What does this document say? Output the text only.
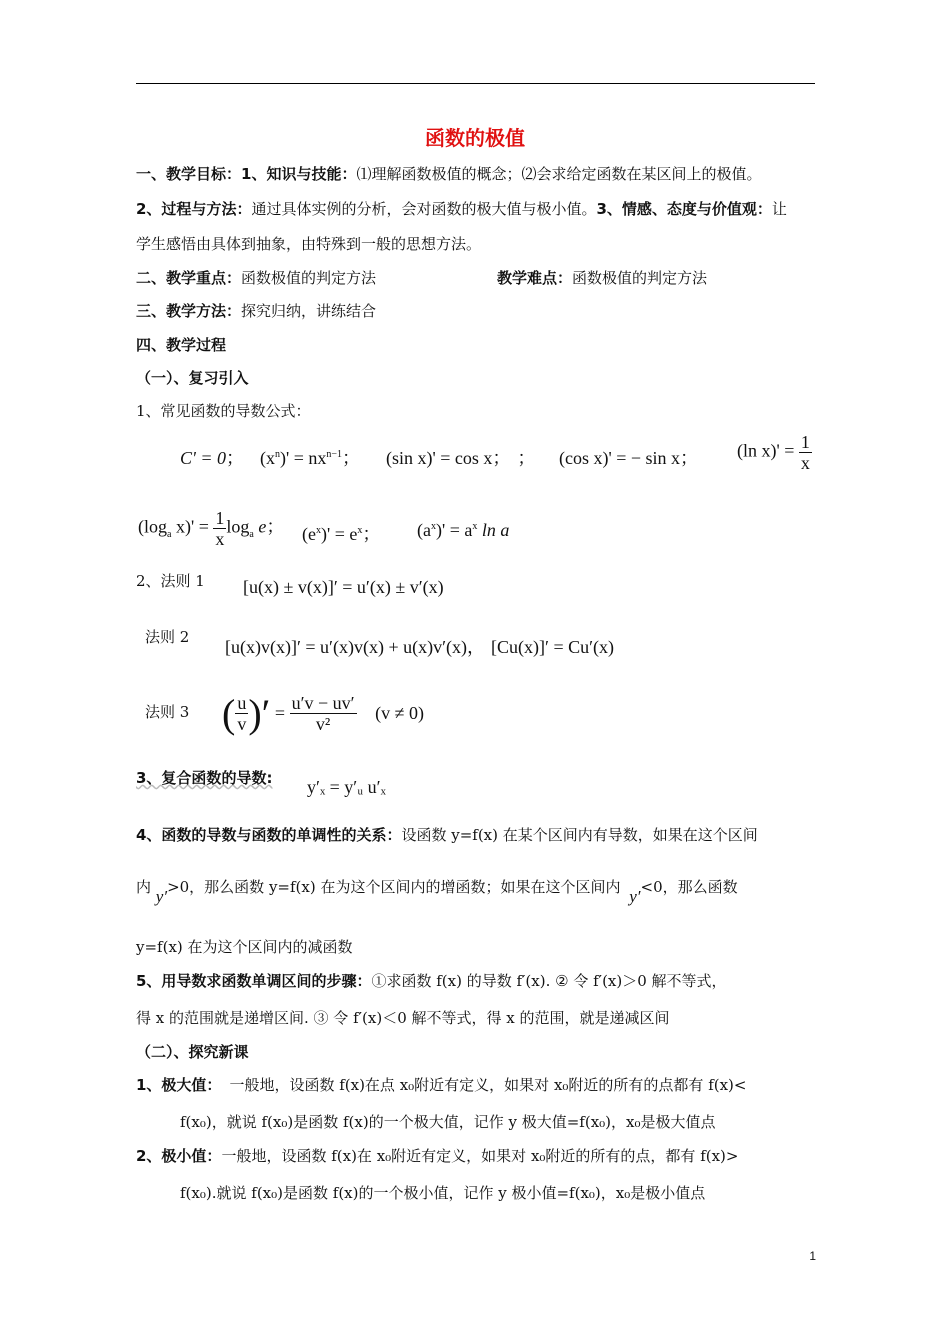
函数的极值
一、教学目标：1、知识与技能：⑴理解函数极值的概念；⑵会求给定函数在某区间上的极值。
2、过程与方法：通过具体实例的分析，会对函数的极大值与极小值。3、情感、态度与价值观：让
学生感悟由具体到抽象，由特殊到一般的思想方法。
二、教学重点：函数极值的判定方法	教学难点：函数极值的判定方法
三、教学方法：探究归纳，讲练结合
四、教学过程
（一）、复习引入
1、常见函数的导数公式：
C' = 0； $(x^n)' = nx^{n-1}$； (sin x)' = cos x； ； (cos x)' = − sin x； (ln $x)' = \frac{1}{x}$
($\log_a$ $x)' = \frac{1}{x} \log_a e$； $(e^x)' = e^x$； $(a^x)' = a^x$ ln a
2、法则 1 [u(x) ± v(x)]′ = u′(x) ± v′(x)
法则 2 [u(x)v(x)]′ = u′(x)v(x) + u(x)v′(x)， [Cu(x)]′ = Cu′(x)
法则 3 ( $\frac{u}{v}$ )′ = $\frac{u'v - uv'}{\text{v²}} (v \ne 0)$
3、复合函数的导数: y′ₓ = y′ᵤ u′ₓ
4、函数的导数与函数的单调性的关系：设函数 y=f(x) 在某个区间内有导数，如果在这个区间
内 y′>0，那么函数 y=f(x) 在为这个区间内的增函数；如果在这个区间内 y′<0，那么函数
y=f(x) 在为这个区间内的减函数
5、用导数求函数单调区间的步骤：①求函数 f(x) 的导数 f′(x). ② 令 f′(x)＞0 解不等式，
得 x 的范围就是递增区间. ③ 令 f′(x)＜0 解不等式，得 x 的范围，就是递减区间
（二）、探究新课
1、极大值： 一般地，设函数 f(x)在点 x₀附近有定义，如果对 x₀附近的所有的点都有 f(x)<
f(x₀)，就说 f(x₀)是函数 f(x)的一个极大值，记作 y 极大值=f(x₀)，x₀是极大值点
2、极小值：一般地，设函数 f(x)在 x₀附近有定义，如果对 x₀附近的所有的点，都有 f(x)>
f(x₀).就说 f(x₀)是函数 f(x)的一个极小值，记作 y 极小值=f(x₀)，x₀是极小值点
1
